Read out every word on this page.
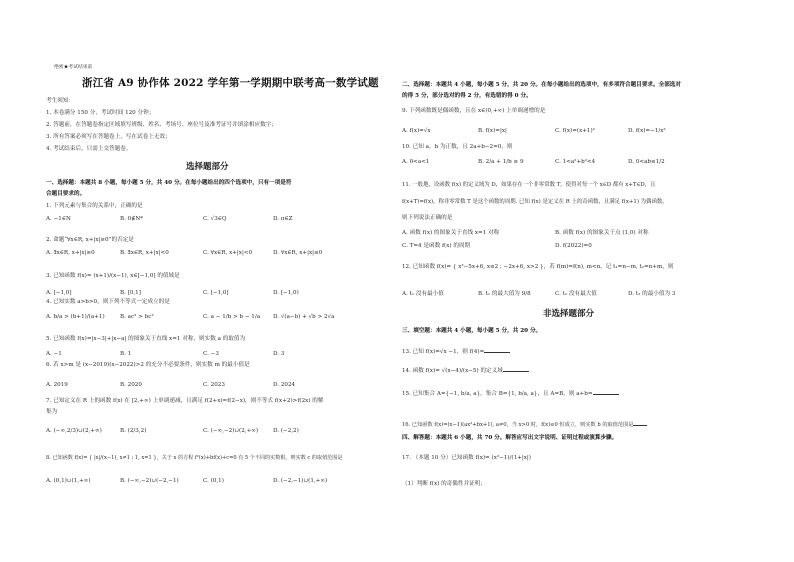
绝密★考试结束前
浙江省 A9 协作体 2022 学年第一学期期中联考高一数学试题
考生须知：
1. 本卷满分 150 分，考试时间 120 分钟；
2. 答题前，在答题卷指定区域填写班级、姓名、考场号、座位号及准考证号并填涂相应数字；
3. 所有答案必须写在答题卷上，写在试卷上无效；
4. 考试结束后，只需上交答题卷。
选择题部分
一、选择题：本题共 8 小题，每小题 5 分，共 40 分。在每小题给出的四个选项中，只有一项是符
合题目要求的。
1. 下列元素与集合的关系中，正确的是
A. −1∈N	B. 0∉N*	C. √3∈Q	D. π∈Z
2. 命题“∀x∈R, x+|x|≥0”的否定是
A. ∃x∈R, x+|x|≥0	B. ∃x∈R, x+|x|<0	C. ∀x∈R, x+|x|<0	D. ∀x∈R, x+|x|≤0
3. 已知函数 f(x)= (x+1)/(x−1), x∈[−1,0] 的值域是
A. [−1,0]	B. [0,1]	C. [−1,0]	D. [−1,0)
4. 已知实数 a>b>0，则下列不等式一定成立的是
A. b/a > (b+1)/(a+1)	B. ac² > bc²	C. a − 1/b > b − 1/a D. √(a−b) + √b > 2√a
5. 已知函数 f(x)=|x−3|+|x−a| 的图象关于直线 x=1 对称，则实数 a 的取值为
A. −1	B. 1	C. −3	D. 3
6. 若 x>m 是 (x−2019)(x−2022)>2 的充分不必要条件，则实数 m 的最小值是
A. 2019	B. 2020	C. 2023	D. 2024
7. 已知定义在 R 上的函数 f(x) 在 [2,+∞) 上单调递减，且满足 f(2+x)=f(2−x)，则不等式 f(x+2)>f(2x) 的解
集为
A. (−∞,2/3)∪(2,+∞)	B. (2/3,2)	C. (−∞,−2)∪(2,+∞)	D. (−2,2)
8. 已知函数 f(x)= { |x|/(x−1), x≠1 ; 1, x=1 }，关于 x 的方程 f²(x)+bf(x)+c=0 有 5 个不同的实数根，则实数 c 的取值范围是
A. (0,1)∪(1,+∞)	B. (−∞,−2)∪(−2,−1)	C. (0,1)	D. (−2,−1)∪(1,+∞)
二、选择题：本题共 4 小题，每小题 5 分，共 20 分。在每小题给出的选项中，有多项符合题目要求。全部选对
的得 5 分，部分选对的得 2 分，有选错的得 0 分。
9. 下列函数既是偶函数，且在 x∈(0,+∞) 上单调递增的是
A. f(x)=√x	B. f(x)=|x|	C. f(x)=(x+1)²	D. f(x)=−1/x²
10. 已知 a，b 为正数，且 2a+b−2=0，则
A. 0<a<1	B. 2/a + 1/b ≥ 9	C. 1<a²+b²<4	D. 0<ab≤1/2
11. 一般地，设函数 f(x) 的定义域为 D，如果存在一个非零常数 T，使得对每一个 x∈D 都有 x+T∈D，且
f(x+T)=f(x)，称非零常数 T 是这个函数的周期. 已知 f(x) 是定义在 R 上的奇函数，且满足 f(x+1) 为偶函数，
则下列说法正确的是
A. 函数 f(x) 的图象关于直线 x=1 对称	B. 函数 f(x) 的图象关于点 (1,0) 对称
C. T=4 是函数 f(x) 的周期	D. f(2022)=0
12. 已知函数 f(x)= { x²−5x+6, x≤2 ; −2x+6, x>2 }，若 f(m)=f(n), m<n，记 t₁=n−m, t₂=n+m，则
A. t₁ 没有最小值	B. t₁ 的最大值为 9/8	C. t₂ 没有最大值	D. t₂ 的最小值为 3
非选择题部分
三、填空题：本题共 4 小题，每小题 5 分，共 20 分。
13. 已知 f(x)=√x −1，则 f(4)=
14. 函数 f(x)= √(x−4)/(x−5) 的定义域
15. 已知集合 A={−1, b/a, a}，集合 B={1, b/a, a}，且 A=B，则 a+b=
16. 已知函数 f(x)=(x−1)(ax²+bx+1), a≠0，当 x>0 时，f(x)≤0 恒成立，则实数 b 的取值范围是
四、解答题：本题共 6 小题，共 70 分。解答应写出文字说明、证明过程或演算步骤。
17. （本题 10 分）已知函数 f(x)= (x²−1)/(1+|x|)
（1）判断 f(x) 的奇偶性并证明；
